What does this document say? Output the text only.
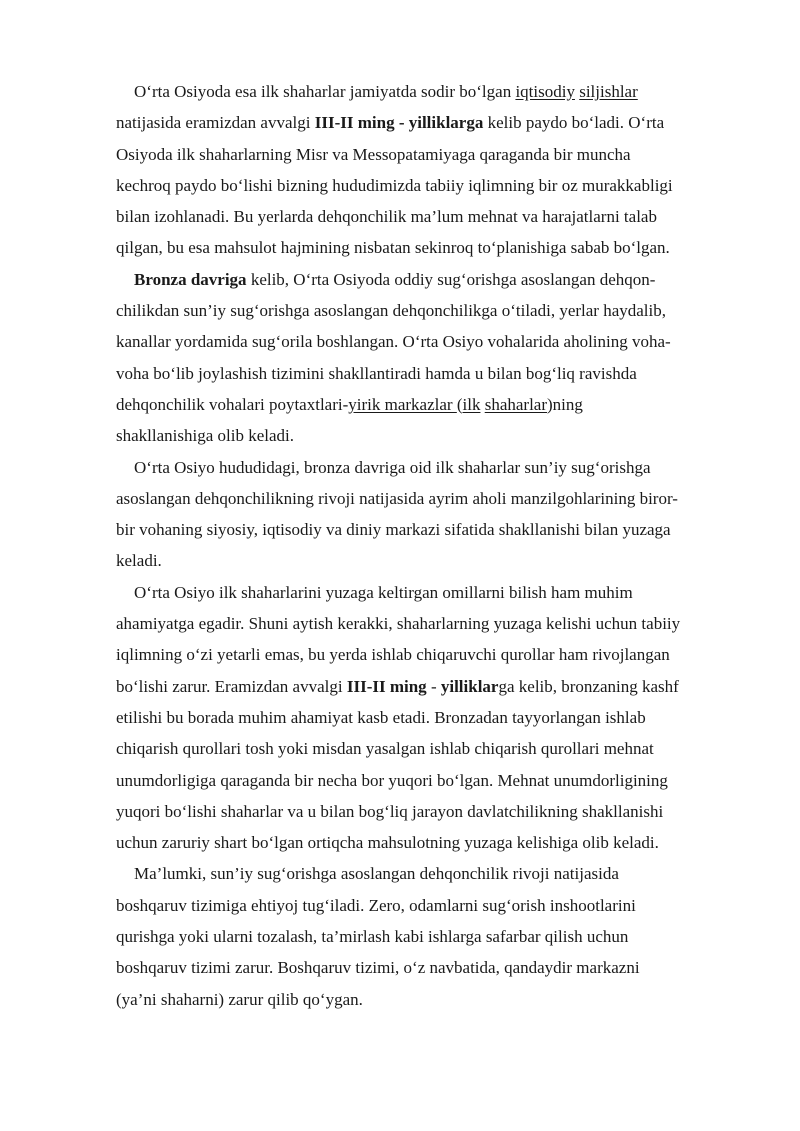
O‘rta Osiyoda esa ilk shaharlar jamiyatda sodir bo‘lgan iqtisodiy siljishlar
natijasida eramizdan avvalgi III-II ming - yilliklarga kelib paydo bo‘ladi. O‘rta
Osiyoda ilk shaharlarning Misr va Messopatamiyaga qaraganda bir muncha
kechroq paydo bo‘lishi bizning hududimizda tabiiy iqlimning bir oz murakkabligi
bilan izohlanadi. Bu yerlarda dehqonchilik ma’lum mehnat va harajatlarni talab
qilgan, bu esa mahsulot hajmining nisbatan sekinroq to‘planishiga sabab bo‘lgan.
Bronza davriga kelib, O‘rta Osiyoda oddiy sug‘orishga asoslangan dehqon-
chilikdan sun’iy sug‘orishga asoslangan dehqonchilikga o‘tiladi, yerlar haydalib,
kanallar yordamida sug‘orila boshlangan. O‘rta Osiyo vohalarida aholining voha-
voha bo‘lib joylashish tizimini shakllantiradi hamda u bilan bog‘liq ravishda
dehqonchilik vohalari poytaxtlari-yirik markazlar (ilk shaharlar)ning
shakllanishiga olib keladi.
O‘rta Osiyo hududidagi, bronza davriga oid ilk shaharlar sun’iy sug‘orishga
asoslangan dehqonchilikning rivoji natijasida ayrim aholi manzilgohlarining biror-
bir vohaning siyosiy, iqtisodiy va diniy markazi sifatida shakllanishi bilan yuzaga
keladi.
O‘rta Osiyo ilk shaharlarini yuzaga keltirgan omillarni bilish ham muhim
ahamiyatga egadir. Shuni aytish kerakki, shaharlarning yuzaga kelishi uchun tabiiy
iqlimning o‘zi yetarli emas, bu yerda ishlab chiqaruvchi qurollar ham rivojlangan
bo‘lishi zarur. Eramizdan avvalgi III-II ming - yilliklarga kelib, bronzaning kashf
etilishi bu borada muhim ahamiyat kasb etadi. Bronzadan tayyorlangan ishlab
chiqarish qurollari tosh yoki misdan yasalgan ishlab chiqarish qurollari mehnat
unumdorligiga qaraganda bir necha bor yuqori bo‘lgan. Mehnat unumdorligining
yuqori bo‘lishi shaharlar va u bilan bog‘liq jarayon davlatchilikning shakllanishi
uchun zaruriy shart bo‘lgan ortiqcha mahsulotning yuzaga kelishiga olib keladi.
Ma’lumki, sun’iy sug‘orishga asoslangan dehqonchilik rivoji natijasida
boshqaruv tizimiga ehtiyoj tug‘iladi. Zero, odamlarni sug‘orish inshootlarini
qurishga yoki ularni tozalash, ta’mirlash kabi ishlarga safarbar qilish uchun
boshqaruv tizimi zarur. Boshqaruv tizimi, o‘z navbatida, qandaydir markazni
(ya’ni shaharni) zarur qilib qo‘ygan.
